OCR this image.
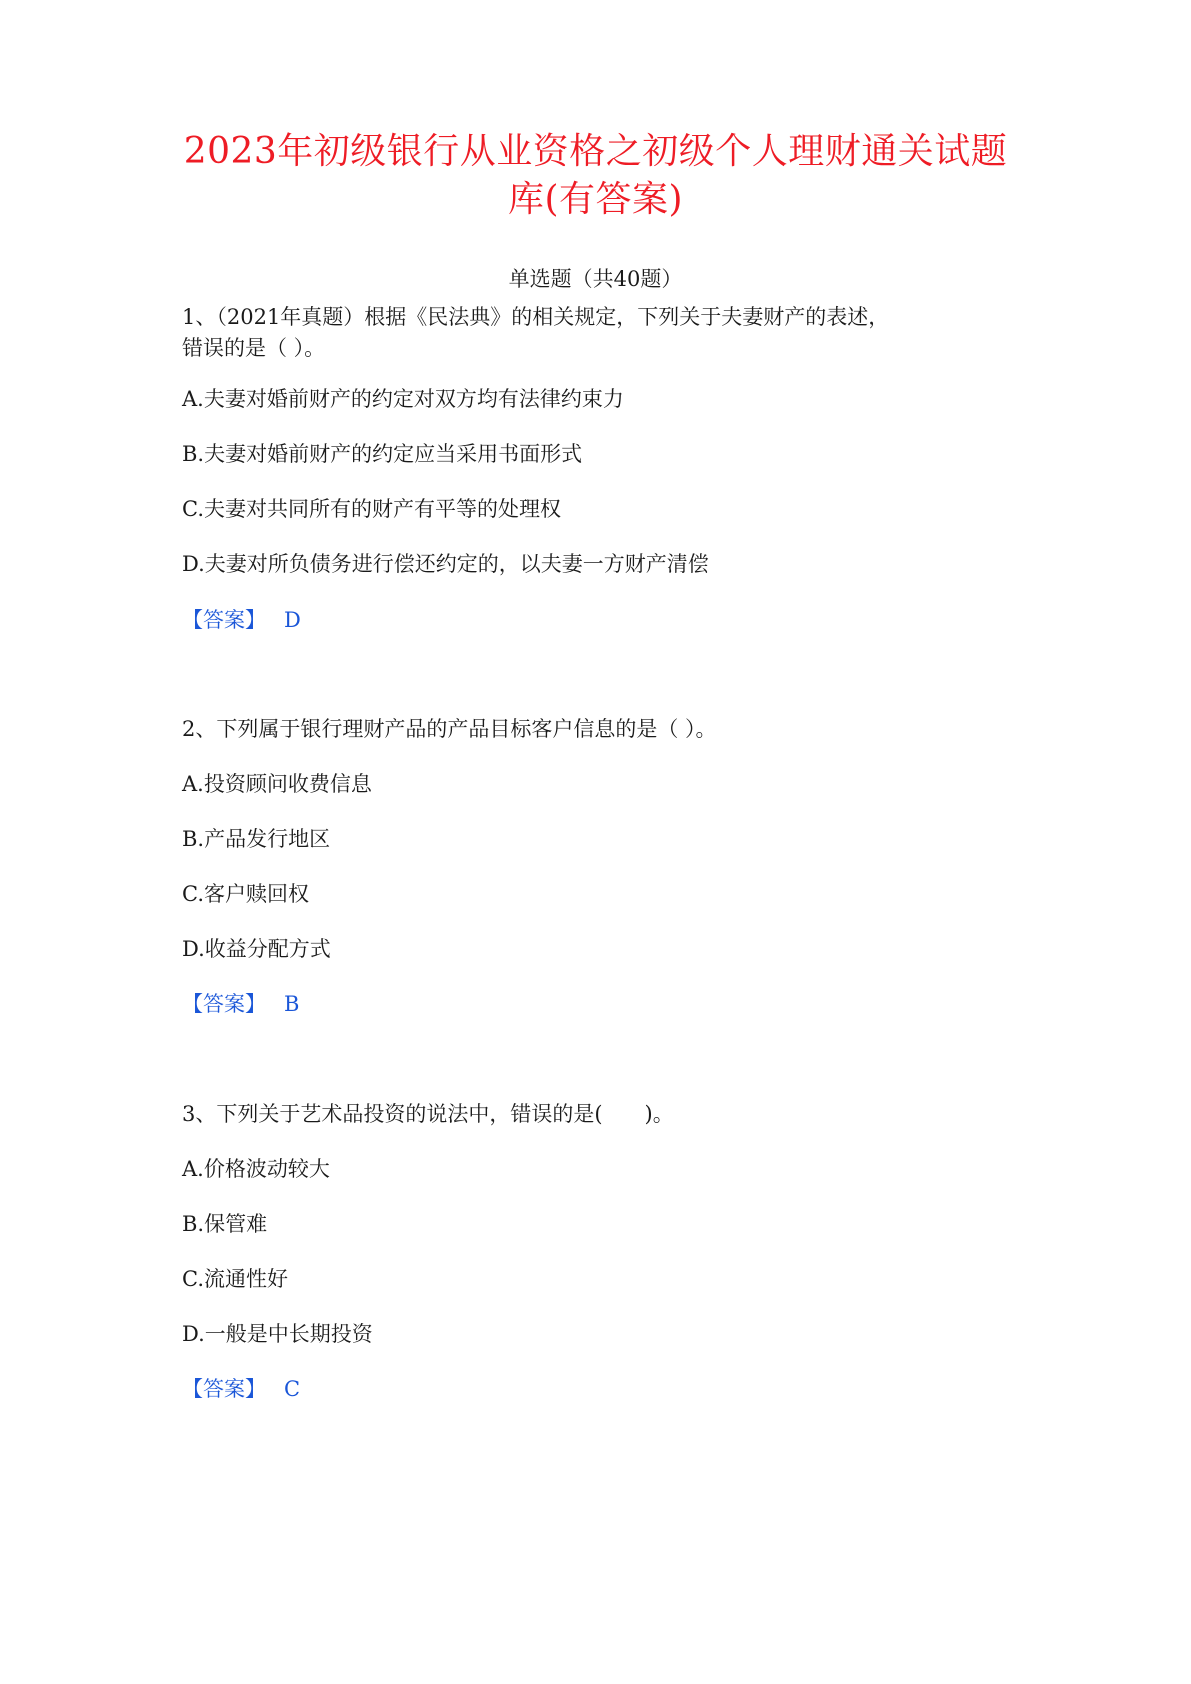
2023年初级银行从业资格之初级个人理财通关试题
库(有答案)
单选题（共40题）
1、（2021年真题）根据《民法典》的相关规定，下列关于夫妻财产的表述，
错误的是（ ）。
A.夫妻对婚前财产的约定对双方均有法律约束力
B.夫妻对婚前财产的约定应当采用书面形式
C.夫妻对共同所有的财产有平等的处理权
D.夫妻对所负债务进行偿还约定的，以夫妻一方财产清偿
【答案】 D
2、下列属于银行理财产品的产品目标客户信息的是（ ）。
A.投资顾问收费信息
B.产品发行地区
C.客户赎回权
D.收益分配方式
【答案】 B
3、下列关于艺术品投资的说法中，错误的是(　　)。
A.价格波动较大
B.保管难
C.流通性好
D.一般是中长期投资
【答案】 C
